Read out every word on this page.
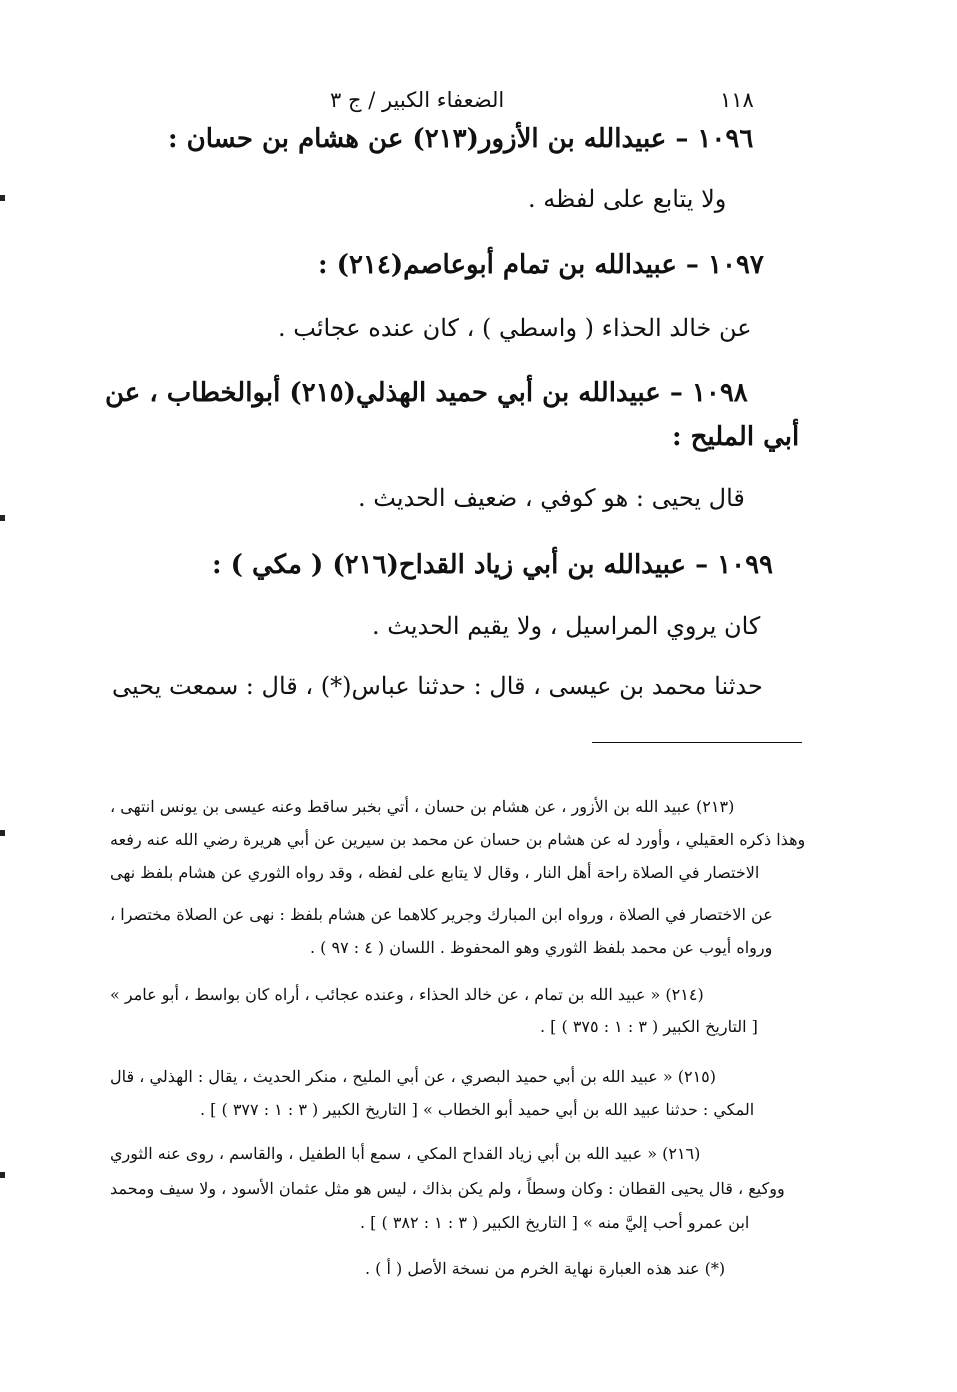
١١٨
الضعفاء الكبير / ج ٣
١٠٩٦ – عبيدالله بن الأزور(٢١٣) عن هشام بن حسان :
ولا يتابع على لفظه .
١٠٩٧ – عبيدالله بن تمام أبوعاصم(٢١٤) :
عن خالد الحذاء ( واسطي ) ، كان عنده عجائب .
١٠٩٨ – عبيدالله بن أبي حميد الهذلي(٢١٥) أبوالخطاب ، عن
أبي المليح :
قال يحيى : هو كوفي ، ضعيف الحديث .
١٠٩٩ – عبيدالله بن أبي زياد القداح(٢١٦) ( مكي ) :
كان يروي المراسيل ، ولا يقيم الحديث .
حدثنا محمد بن عيسى ، قال : حدثنا عباس(*) ، قال : سمعت يحيى
(٢١٣) عبيد الله بن الأزور ، عن هشام بن حسان ، أتي بخبر ساقط وعنه عيسى بن يونس انتهى ،
وهذا ذكره العقيلي ، وأورد له عن هشام بن حسان عن محمد بن سيرين عن أبي هريرة رضي الله عنه رفعه
الاختصار في الصلاة راحة أهل النار ، وقال لا يتابع على لفظه ، وقد رواه الثوري عن هشام بلفظ نهى
عن الاختصار في الصلاة ، ورواه ابن المبارك وجرير كلاهما عن هشام بلفظ : نهى عن الصلاة مختصرا ،
ورواه أيوب عن محمد بلفظ الثوري وهو المحفوظ . اللسان ( ٤ : ٩٧ ) .
(٢١٤) « عبيد الله بن تمام ، عن خالد الحذاء ، وعنده عجائب ، أراه كان بواسط ، أبو عامر »
[ التاريخ الكبير ( ٣ : ١ : ٣٧٥ ) ] .
(٢١٥) « عبيد الله بن أبي حميد البصري ، عن أبي المليح ، منكر الحديث ، يقال : الهذلي ، قال
المكي : حدثنا عبيد الله بن أبي حميد أبو الخطاب » [ التاريخ الكبير ( ٣ : ١ : ٣٧٧ ) ] .
(٢١٦) « عبيد الله بن أبي زياد القداح المكي ، سمع أبا الطفيل ، والقاسم ، روى عنه الثوري
ووكيع ، قال يحيى القطان : وكان وسطاً ، ولم يكن بذاك ، ليس هو مثل عثمان الأسود ، ولا سيف ومحمد
ابن عمرو أحب إليَّ منه » [ التاريخ الكبير ( ٣ : ١ : ٣٨٢ ) ] .
(*) عند هذه العبارة نهاية الخرم من نسخة الأصل ( أ ) .
